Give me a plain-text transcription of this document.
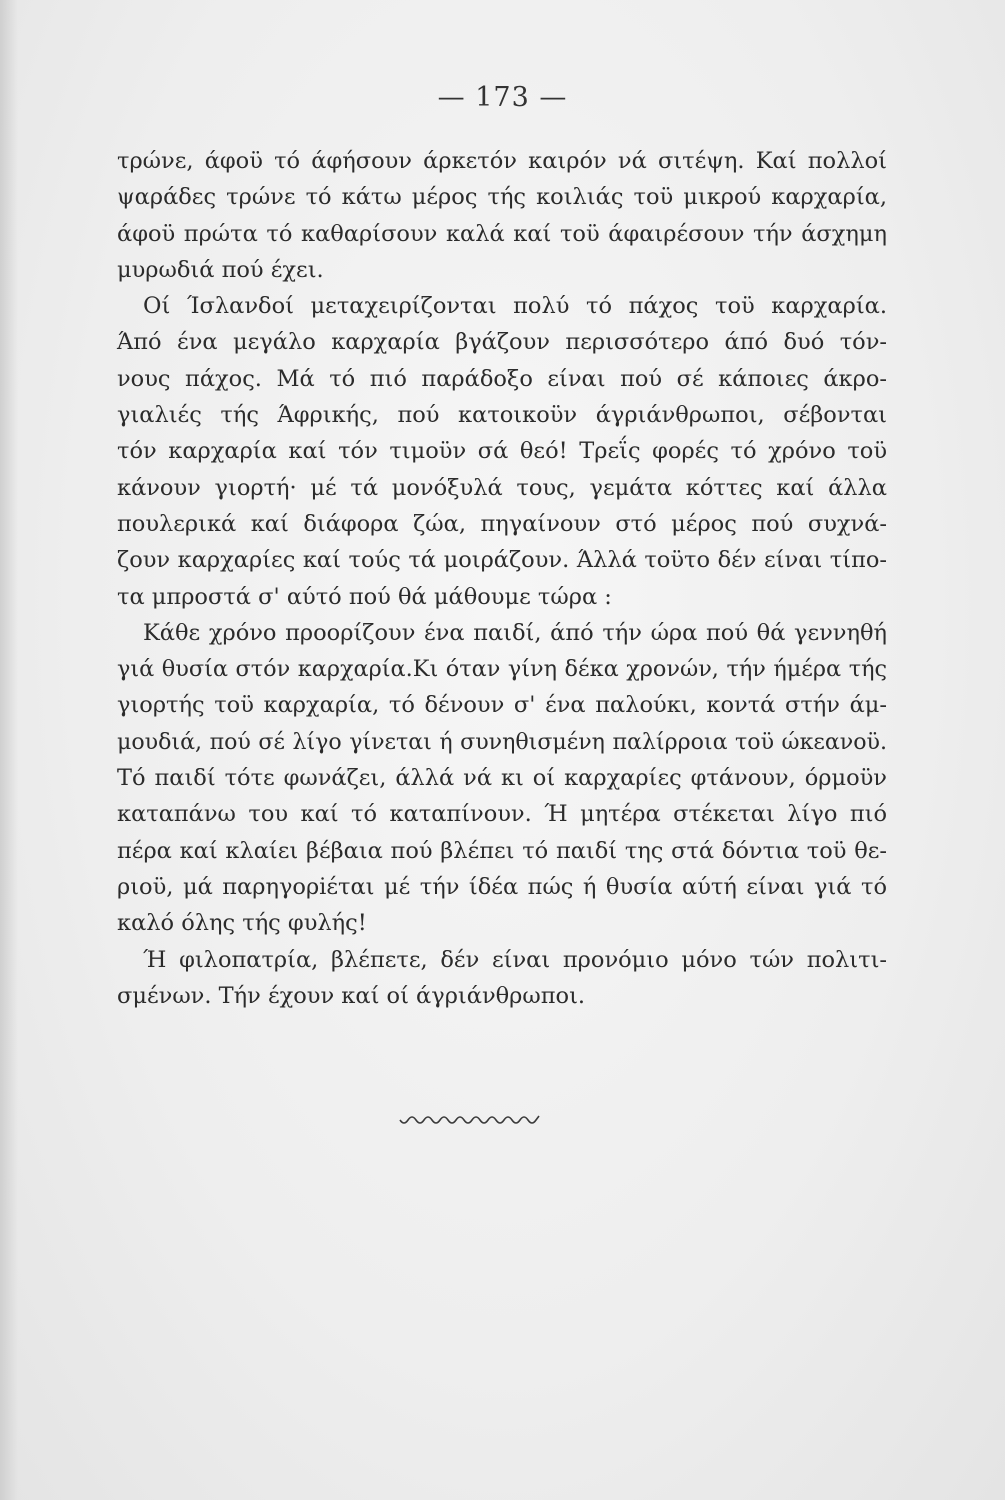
— 173 —
τρώνε, άφοϋ τό άφήσουν άρκετόν καιρόν νά σιτέψη. Καί πολλοί
ψαράδες τρώνε τό κάτω μέρος τής κοιλιάς τοϋ μικρού καρχαρία,
άφοϋ πρώτα τό καθαρίσουν καλά καί τοϋ άφαιρέσουν τήν άσχημη
μυρωδιά πού έχει.
Οί Ίσλανδοί μεταχειρίζονται πολύ τό πάχος τοϋ καρχαρία.
Άπό ένα μεγάλο καρχαρία βγάζουν περισσότερο άπό δυό τόν-
νους πάχος. Μά τό πιό παράδοξο είναι πού σέ κάποιες άκρο-
γιαλιές τής Άφρικής, πού κατοικοϋν άγριάνθρωποι, σέβονται
τόν καρχαρία καί τόν τιμοϋν σά θεό! Τρεΐς φορές τό χρόνο τοϋ
κάνουν γιορτή· μέ τά μονόξυλά τους, γεμάτα κόττες καί άλλα
πουλερικά καί διάφορα ζώα, πηγαίνουν στό μέρος πού συχνά-
ζουν καρχαρίες καί τούς τά μοιράζουν. Άλλά τοϋτο δέν είναι τίπο-
τα μπροστά σ' αύτό πού θά μάθουμε τώρα :
Κάθε χρόνο προορίζουν ένα παιδί, άπό τήν ώρα πού θά γεννηθή
γιά θυσία στόν καρχαρία.Κι όταν γίνη δέκα χρονών, τήν ήμέρα τής
γιορτής τοϋ καρχαρία, τό δένουν σ' ένα παλούκι, κοντά στήν άμ-
μουδιά, πού σέ λίγο γίνεται ή συνηθισμένη παλίρροια τοϋ ώκεανοϋ.
Τό παιδί τότε φωνάζει, άλλά νά κι οί καρχαρίες φτάνουν, όρμοϋν
καταπάνω του καί τό καταπίνουν. Ή μητέρα στέκεται λίγο πιό
πέρα καί κλαίει βέβαια πού βλέπει τό παιδί της στά δόντια τοϋ θε-
ριοϋ, μά παρηγορiέται μέ τήν ίδέα πώς ή θυσία αύτή είναι γιά τό
καλό όλης τής φυλής!
Ή φιλοπατρία, βλέπετε, δέν είναι προνόμιο μόνο τών πολιτι-
σμένων. Τήν έχουν καί οί άγριάνθρωποι.
